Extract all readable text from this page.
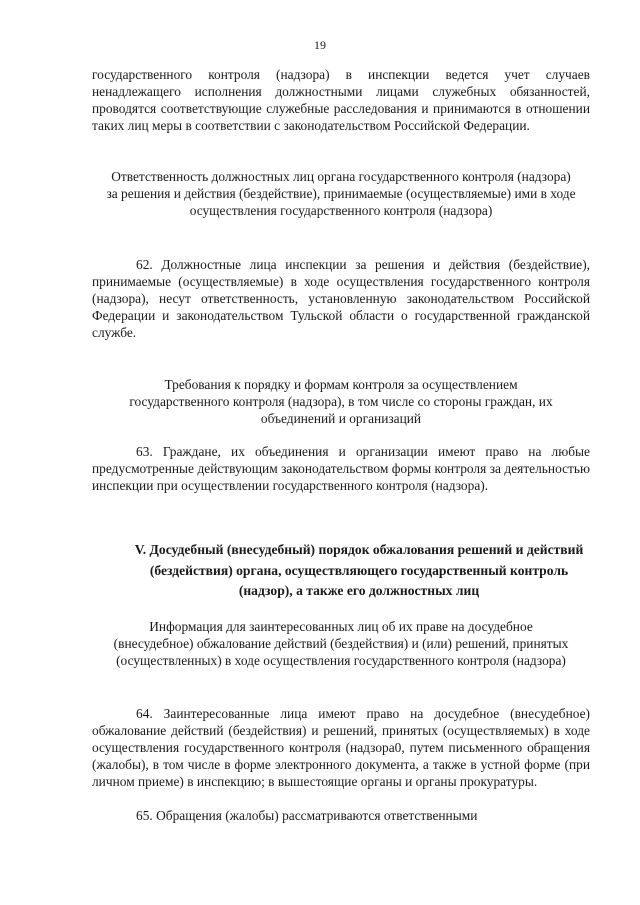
19

государственного контроля (надзора) в инспекции ведется учет случаев ненадлежащего исполнения должностными лицами служебных обязанностей, проводятся соответствующие служебные расследования и принимаются в отношении таких лиц меры в соответствии с законодательством Российской Федерации.

Ответственность должностных лиц органа государственного контроля (надзора) за решения и действия (бездействие), принимаемые (осуществляемые) ими в ходе осуществления государственного контроля (надзора)

62. Должностные лица инспекции за решения и действия (бездействие), принимаемые (осуществляемые) в ходе осуществления государственного контроля (надзора), несут ответственность, установленную законодательством Российской Федерации и законодательством Тульской области о государственной гражданской службе.

Требования к порядку и формам контроля за осуществлением государственного контроля (надзора), в том числе со стороны граждан, их объединений и организаций

63. Граждане, их объединения и организации имеют право на любые предусмотренные действующим законодательством формы контроля за деятельностью инспекции при осуществлении государственного контроля (надзора).

V. Досудебный (внесудебный) порядок обжалования решений и действий (бездействия) органа, осуществляющего государственный контроль (надзор), а также его должностных лиц

Информация для заинтересованных лиц об их праве на досудебное (внесудебное) обжалование действий (бездействия) и (или) решений, принятых (осуществленных) в ходе осуществления государственного контроля (надзора)

64. Заинтересованные лица имеют право на досудебное (внесудебное) обжалование действий (бездействия) и решений, принятых (осуществляемых) в ходе осуществления государственного контроля (надзора0, путем письменного обращения (жалобы), в том числе в форме электронного документа, а также в устной форме (при личном приеме) в инспекцию; в вышестоящие органы и органы прокуратуры.

65. Обращения (жалобы) рассматриваются ответственными
